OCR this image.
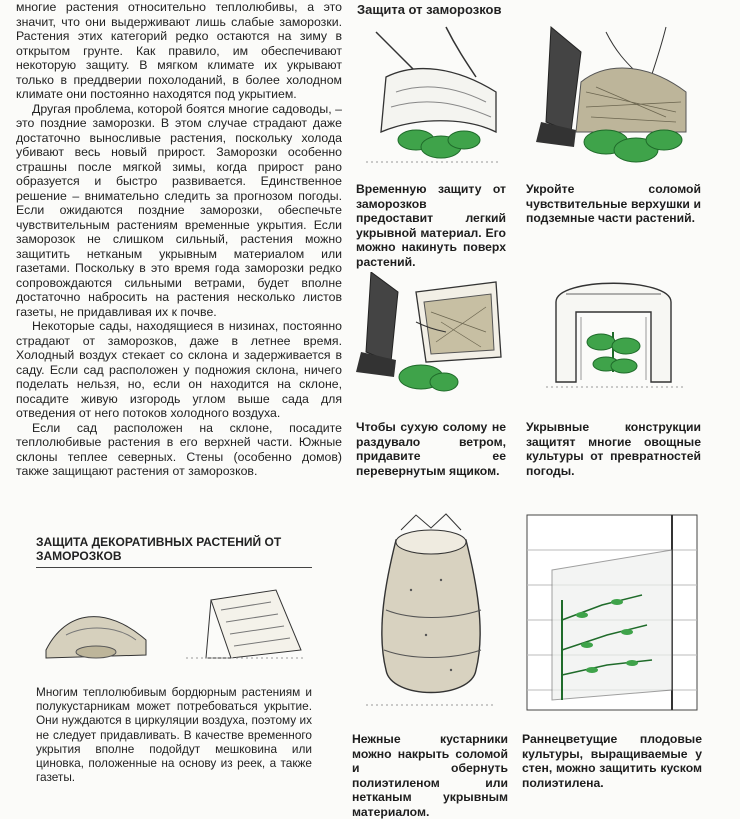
многие растения относительно теплолюбивы, а это значит, что они выдерживают лишь слабые заморозки. Растения этих категорий редко остаются на зиму в открытом грунте. Как правило, им обеспечивают некоторую защиту. В мягком климате их укрывают только в преддверии похолоданий, в более холодном климате они постоянно находятся под укрытием.

Другая проблема, которой боятся многие садоводы, – это поздние заморозки. В этом случае страдают даже достаточно выносливые растения, поскольку холода убивают весь новый прирост. Заморозки особенно страшны после мягкой зимы, когда прирост рано образуется и быстро развивается. Единственное решение – внимательно следить за прогнозом погоды. Если ожидаются поздние заморозки, обеспечьте чувствительным растениям временные укрытия. Если заморозок не слишком сильный, растения можно защитить нетканым укрывным материалом или газетами. Поскольку в это время года заморозки редко сопровождаются сильными ветрами, будет вполне достаточно набросить на растения несколько листов газеты, не придавливая их к почве.

Некоторые сады, находящиеся в низинах, постоянно страдают от заморозков, даже в летнее время. Холодный воздух стекает со склона и задерживается в саду. Если сад расположен у подножия склона, ничего поделать нельзя, но, если он находится на склоне, посадите живую изгородь углом выше сада для отведения от него потоков холодного воздуха.

Если сад расположен на склоне, посадите теплолюбивые растения в его верхней части. Южные склоны теплее северных. Стены (особенно домов) также защищают растения от заморозков.

Защита от заморозков
Временную защиту от заморозков предоставит легкий укрывной материал. Его можно накинуть поверх растений.
Укройте соломой чувствительные верхушки и подземные части растений.
Чтобы сухую солому не раздувало ветром, придавите ее перевернутым ящиком.
Укрывные конструкции защитят многие овощные культуры от превратностей погоды.
Нежные кустарники можно накрыть соломой и обернуть полиэтиленом или нетканым укрывным материалом.
Раннецветущие плодовые культуры, выращиваемые у стен, можно защитить куском полиэтилена.
ЗАЩИТА ДЕКОРАТИВНЫХ РАСТЕНИЙ ОТ ЗАМОРОЗКОВ

Многим теплолюбивым бордюрным растениям и полукустарникам может потребоваться укрытие. Они нуждаются в циркуляции воздуха, поэтому их не следует придавливать. В качестве временного укрытия вполне подойдут мешковина или циновка, положенные на основу из реек, а также газеты.
